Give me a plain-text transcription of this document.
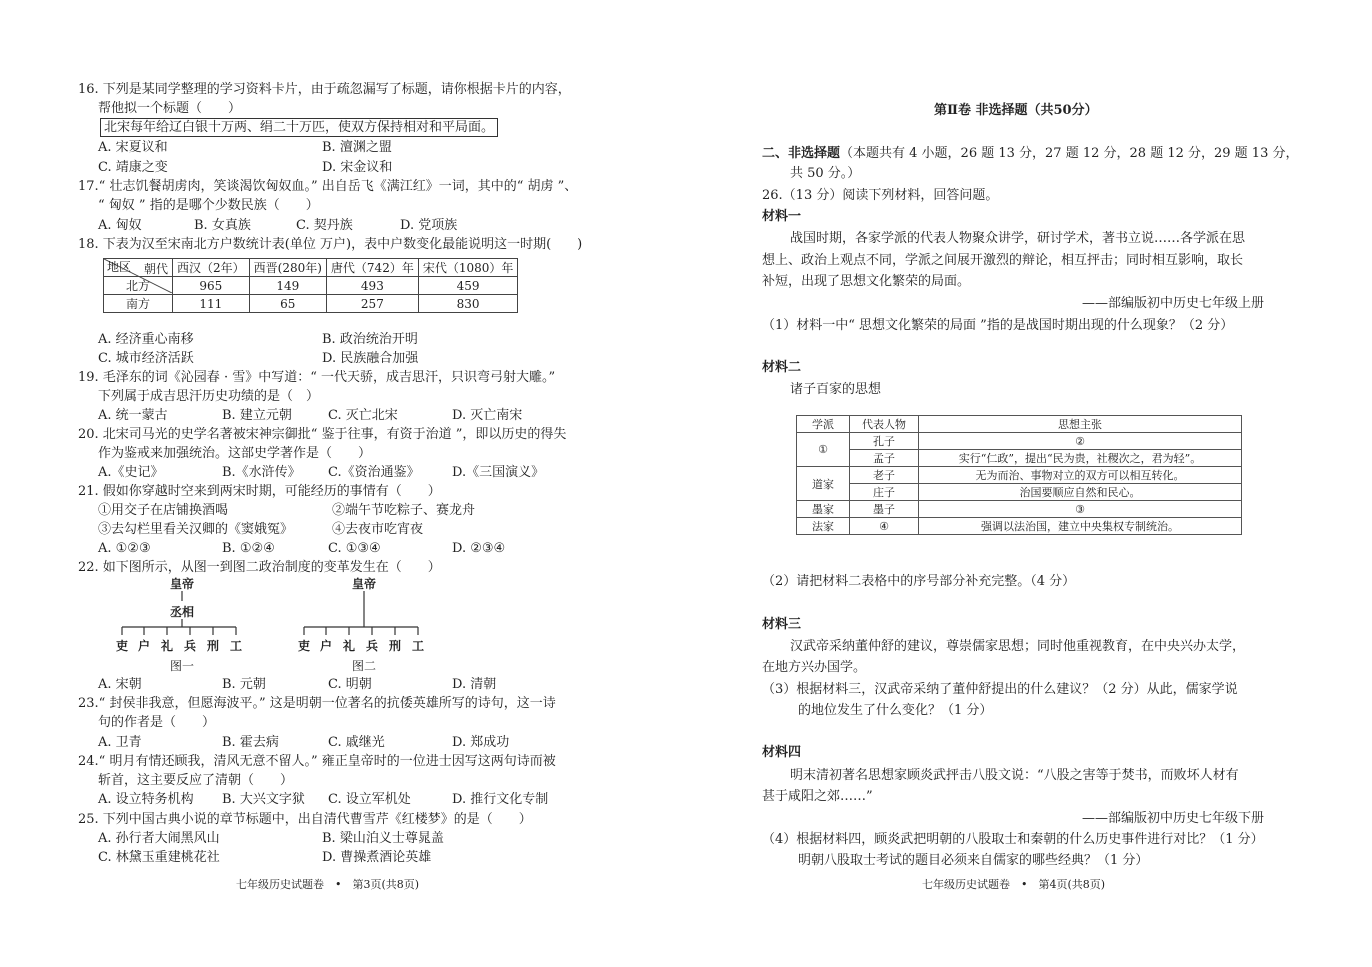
16. 下列是某同学整理的学习资料卡片，由于疏忽漏写了标题，请你根据卡片的内容，
帮他拟一个标题（　　）
北宋每年给辽白银十万两、绢二十万匹，使双方保持相对和平局面。
A. 宋夏议和	B. 澶渊之盟
C. 靖康之变	D. 宋金议和
17.“ 壮志饥餐胡虏肉，笑谈渴饮匈奴血。” 出自岳飞《满江红》一词，其中的“ 胡虏 ”、
“ 匈奴 ” 指的是哪个少数民族（　　）
A. 匈奴	B. 女真族	C. 契丹族	D. 党项族
18. 下表为汉至宋南北方户数统计表(单位 万户)，表中户数变化最能说明这一时期(　　)
朝代
地区	西汉（2年）	西晋(280年)	唐代（742）年	宋代（1080）年
北方	965	149	493	459
南方	111	65	257	830
A. 经济重心南移	B. 政治统治开明
C. 城市经济活跃	D. 民族融合加强
19. 毛泽东的词《沁园春 · 雪》中写道：“ 一代天骄，成吉思汗，只识弯弓射大雕。”
下列属于成吉思汗历史功绩的是（　）
A. 统一蒙古	B. 建立元朝	C. 灭亡北宋	D. 灭亡南宋
20. 北宋司马光的史学名著被宋神宗御批“ 鉴于往事，有资于治道 ”，即以历史的得失
作为鉴戒来加强统治。这部史学著作是（　　）
A.《史记》	B.《水浒传》 C.《资治通鉴》 D.《三国演义》
21. 假如你穿越时空来到两宋时期，可能经历的事情有（　　）
①用交子在店铺换酒喝	②端午节吃粽子、赛龙舟
③去勾栏里看关汉卿的《窦娥冤》	④去夜市吃宵夜
A. ①②③	B. ①②④	C. ①③④	D. ②③④
22. 如下图所示，从图一到图二政治制度的变革发生在（　　）
皇帝
丞相
吏 户 礼 兵 刑 工
图一
皇帝
吏 户 礼 兵 刑 工
图二
A. 宋朝	B. 元朝	C. 明朝	D. 清朝
23.“ 封侯非我意，但愿海波平。” 这是明朝一位著名的抗倭英雄所写的诗句，这一诗
句的作者是（　　）
A. 卫青	B. 霍去病	C. 戚继光	D. 郑成功
24.“ 明月有情还顾我，清风无意不留人。” 雍正皇帝时的一位进士因写这两句诗而被
斩首，这主要反应了清朝（　　）
A. 设立特务机构 B. 大兴文字狱 C. 设立军机处	D. 推行文化专制
25. 下列中国古典小说的章节标题中，出自清代曹雪芹《红楼梦》的是（　　）
A. 孙行者大闹黑风山	B. 梁山泊义士尊晁盖
C. 林黛玉重建桃花社	D. 曹操煮酒论英雄
七年级历史试题卷　•　第3页(共8页)
第Ⅱ卷 非选择题（共50分）
二、非选择题（本题共有 4 小题，26 题 13 分，27 题 12 分，28 题 12 分，29 题 13 分，
共 50 分。）
26.（13 分）阅读下列材料，回答问题。
材料一
战国时期，各家学派的代表人物聚众讲学，研讨学术，著书立说……各学派在思
想上、政治上观点不同，学派之间展开激烈的辩论，相互抨击；同时相互影响，取长
补短，出现了思想文化繁荣的局面。
——部编版初中历史七年级上册
（1）材料一中“ 思想文化繁荣的局面 ”指的是战国时期出现的什么现象？（2 分）
材料二
诸子百家的思想
学派	代表人物	思想主张
①	孔子	②
	孟子	实行“仁政”，提出“民为贵，社稷次之，君为轻”。
道家	老子	无为而治、事物对立的双方可以相互转化。
	庄子	治国要顺应自然和民心。
墨家	墨子	③
法家	④	强调以法治国，建立中央集权专制统治。
（2）请把材料二表格中的序号部分补充完整。（4 分）
材料三
汉武帝采纳董仲舒的建议，尊崇儒家思想；同时他重视教育，在中央兴办太学，
在地方兴办国学。
（3）根据材料三，汉武帝采纳了董仲舒提出的什么建议？（2 分）从此，儒家学说
的地位发生了什么变化？（1 分）
材料四
明末清初著名思想家顾炎武抨击八股文说：“八股之害等于焚书，而败坏人材有
甚于咸阳之郊……”
——部编版初中历史七年级下册
（4）根据材料四，顾炎武把明朝的八股取士和秦朝的什么历史事件进行对比？（1 分）
明朝八股取士考试的题目必须来自儒家的哪些经典？（1 分）
七年级历史试题卷　•　第4页(共8页)
